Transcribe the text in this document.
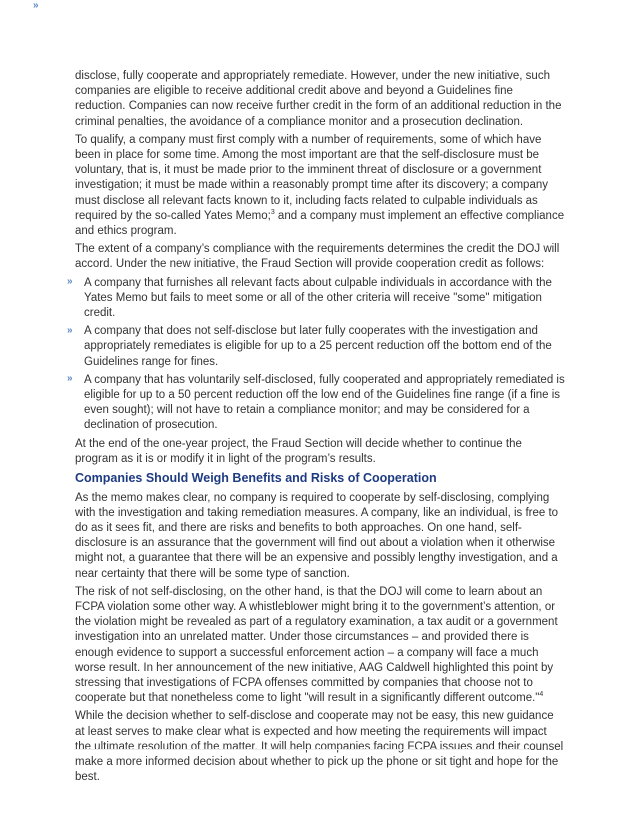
»

disclose, fully cooperate and appropriately remediate. However, under the new initiative, such companies are eligible to receive additional credit above and beyond a Guidelines fine reduction. Companies can now receive further credit in the form of an additional reduction in the criminal penalties, the avoidance of a compliance monitor and a prosecution declination.

To qualify, a company must first comply with a number of requirements, some of which have been in place for some time. Among the most important are that the self-disclosure must be voluntary, that is, it must be made prior to the imminent threat of disclosure or a government investigation; it must be made within a reasonably prompt time after its discovery; a company must disclose all relevant facts known to it, including facts related to culpable individuals as required by the so-called Yates Memo;$^3$ and a company must implement an effective compliance and ethics program.

The extent of a company’s compliance with the requirements determines the credit the DOJ will accord. Under the new initiative, the Fraud Section will provide cooperation credit as follows:

» A company that furnishes all relevant facts about culpable individuals in accordance with the Yates Memo but fails to meet some or all of the other criteria will receive "some" mitigation credit.
» A company that does not self-disclose but later fully cooperates with the investigation and appropriately remediates is eligible for up to a 25 percent reduction off the bottom end of the Guidelines range for fines.
» A company that has voluntarily self-disclosed, fully cooperated and appropriately remediated is eligible for up to a 50 percent reduction off the low end of the Guidelines fine range (if a fine is even sought); will not have to retain a compliance monitor; and may be considered for a declination of prosecution.

At the end of the one-year project, the Fraud Section will decide whether to continue the program as it is or modify it in light of the program’s results.

Companies Should Weigh Benefits and Risks of Cooperation

As the memo makes clear, no company is required to cooperate by self-disclosing, complying with the investigation and taking remediation measures. A company, like an individual, is free to do as it sees fit, and there are risks and benefits to both approaches. On one hand, self-disclosure is an assurance that the government will find out about a violation when it otherwise might not, a guarantee that there will be an expensive and possibly lengthy investigation, and a near certainty that there will be some type of sanction.

The risk of not self-disclosing, on the other hand, is that the DOJ will come to learn about an FCPA violation some other way. A whistleblower might bring it to the government’s attention, or the violation might be revealed as part of a regulatory examination, a tax audit or a government investigation into an unrelated matter. Under those circumstances – and provided there is enough evidence to support a successful enforcement action – a company will face a much worse result. In her announcement of the new initiative, AAG Caldwell highlighted this point by stressing that investigations of FCPA offenses committed by companies that choose not to cooperate but that nonetheless come to light "will result in a significantly different outcome."$^4$

While the decision whether to self-disclose and cooperate may not be easy, this new guidance at least serves to make clear what is expected and how meeting the requirements will impact the ultimate resolution of the matter. It will help companies facing FCPA issues and their counsel make a more informed decision about whether to pick up the phone or sit tight and hope for the best.
